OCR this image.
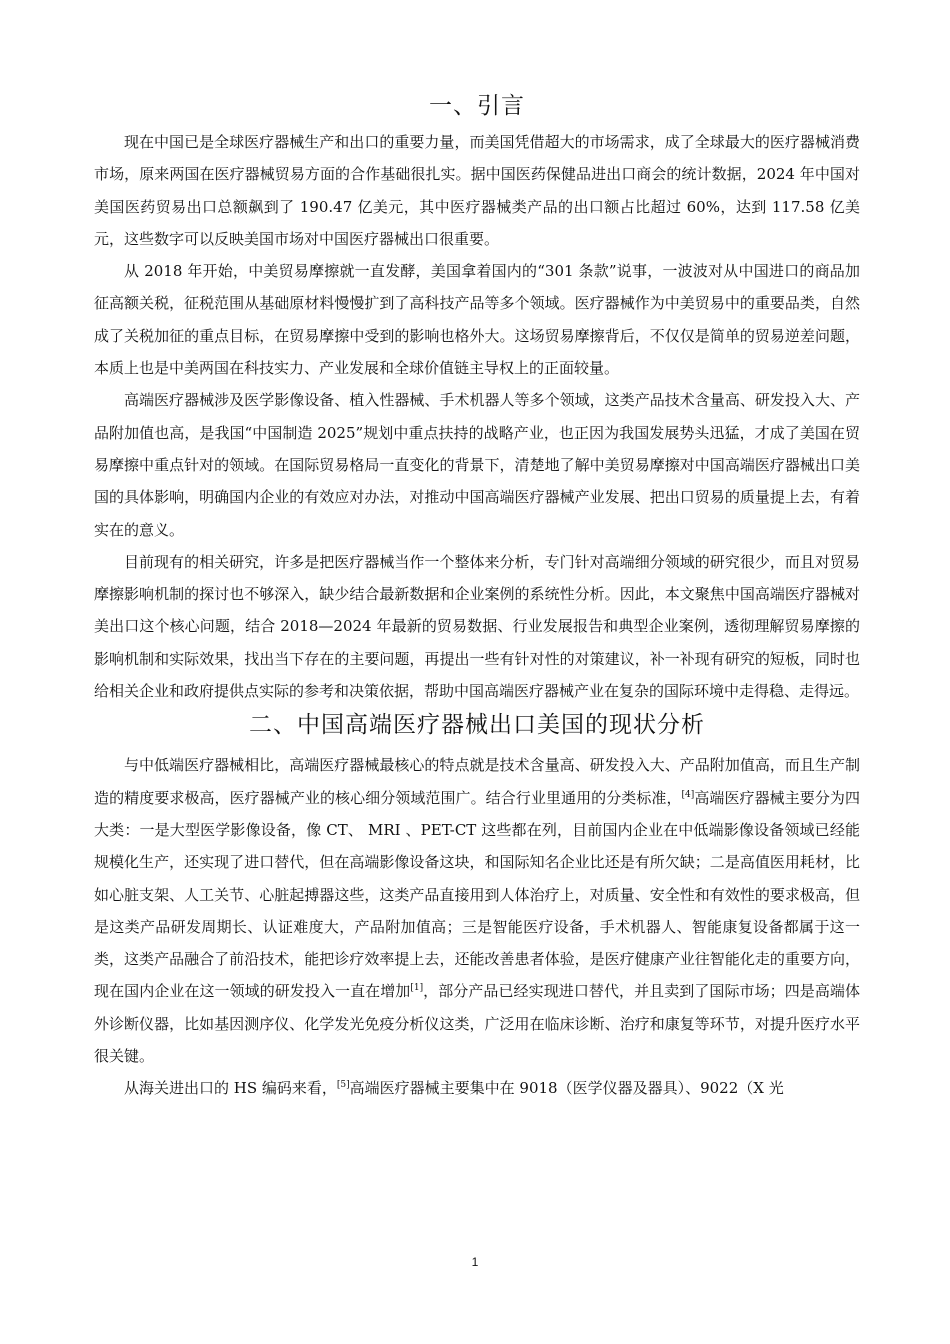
一、引言

现在中国已是全球医疗器械生产和出口的重要力量，而美国凭借超大的市场需求，成了全球最大的医疗器械消费市场，原来两国在医疗器械贸易方面的合作基础很扎实。据中国医药保健品进出口商会的统计数据，2024 年中国对美国医药贸易出口总额飙到了 190.47 亿美元，其中医疗器械类产品的出口额占比超过 60%，达到 117.58 亿美元，这些数字可以反映美国市场对中国医疗器械出口很重要。

从 2018 年开始，中美贸易摩擦就一直发酵，美国拿着国内的“301 条款”说事，一波波对从中国进口的商品加征高额关税，征税范围从基础原材料慢慢扩到了高科技产品等多个领域。医疗器械作为中美贸易中的重要品类，自然成了关税加征的重点目标，在贸易摩擦中受到的影响也格外大。这场贸易摩擦背后，不仅仅是简单的贸易逆差问题，本质上也是中美两国在科技实力、产业发展和全球价值链主导权上的正面较量。

高端医疗器械涉及医学影像设备、植入性器械、手术机器人等多个领域，这类产品技术含量高、研发投入大、产品附加值也高，是我国“中国制造 2025”规划中重点扶持的战略产业，也正因为我国发展势头迅猛，才成了美国在贸易摩擦中重点针对的领域。在国际贸易格局一直变化的背景下，清楚地了解中美贸易摩擦对中国高端医疗器械出口美国的具体影响，明确国内企业的有效应对办法，对推动中国高端医疗器械产业发展、把出口贸易的质量提上去，有着实在的意义。

目前现有的相关研究，许多是把医疗器械当作一个整体来分析，专门针对高端细分领域的研究很少，而且对贸易摩擦影响机制的探讨也不够深入，缺少结合最新数据和企业案例的系统性分析。因此，本文聚焦中国高端医疗器械对美出口这个核心问题，结合 2018—2024 年最新的贸易数据、行业发展报告和典型企业案例，透彻理解贸易摩擦的影响机制和实际效果，找出当下存在的主要问题，再提出一些有针对性的对策建议，补一补现有研究的短板，同时也给相关企业和政府提供点实际的参考和决策依据，帮助中国高端医疗器械产业在复杂的国际环境中走得稳、走得远。

二、中国高端医疗器械出口美国的现状分析

与中低端医疗器械相比，高端医疗器械最核心的特点就是技术含量高、研发投入大、产品附加值高，而且生产制造的精度要求极高，医疗器械产业的核心细分领域范围广。结合行业里通用的分类标准，[4]高端医疗器械主要分为四大类：一是大型医学影像设备，像 CT、 MRI 、PET-CT 这些都在列，目前国内企业在中低端影像设备领域已经能规模化生产，还实现了进口替代，但在高端影像设备这块，和国际知名企业比还是有所欠缺；二是高值医用耗材，比如心脏支架、人工关节、心脏起搏器这些，这类产品直接用到人体治疗上，对质量、安全性和有效性的要求极高，但是这类产品研发周期长、认证难度大，产品附加值高；三是智能医疗设备，手术机器人、智能康复设备都属于这一类，这类产品融合了前沿技术，能把诊疗效率提上去，还能改善患者体验，是医疗健康产业往智能化走的重要方向，现在国内企业在这一领域的研发投入一直在增加[1]，部分产品已经实现进口替代，并且卖到了国际市场；四是高端体外诊断仪器，比如基因测序仪、化学发光免疫分析仪这类，广泛用在临床诊断、治疗和康复等环节，对提升医疗水平很关键。

从海关进出口的 HS 编码来看，[5]高端医疗器械主要集中在 9018（医学仪器及器具）、9022（X 光

1
